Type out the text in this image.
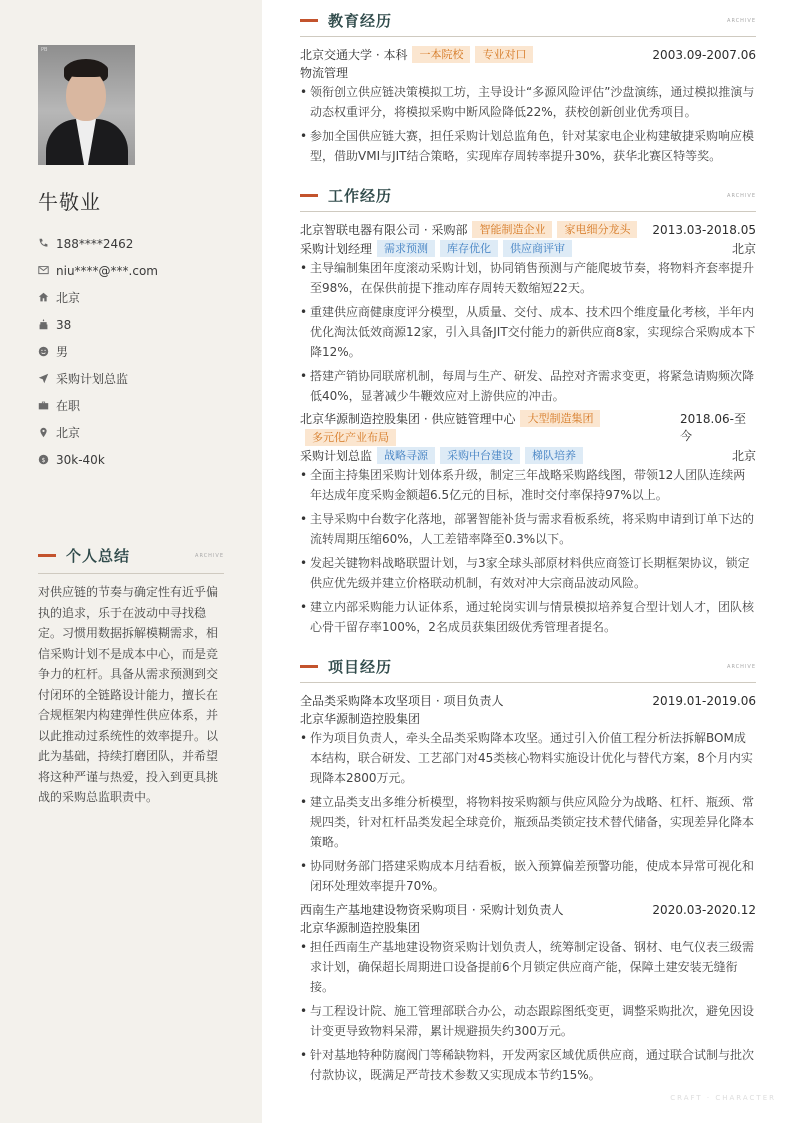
PB
牛敬业
188****2462
niu****@***.com
北京
38
男
采购计划总监
在职
北京
$ 30k-40k
个人总结	ARCHIVE
对供应链的节奏与确定性有近乎偏执的追求，乐于在波动中寻找稳定。习惯用数据拆解模糊需求，相信采购计划不是成本中心，而是竞争力的杠杆。具备从需求预测到交付闭环的全链路设计能力，擅长在合规框架内构建弹性供应体系，并以此推动过系统性的效率提升。以此为基础，持续打磨团队，并希望将这种严谨与热爱，投入到更具挑战的采购总监职责中。
教育经历	ARCHIVE
北京交通大学 · 本科	一本院校	专业对口	2003.09-2007.06
物流管理
• 领衔创立供应链决策模拟工坊，主导设计“多源风险评估”沙盘演练，通过模拟推演与动态权重评分，将模拟采购中断风险降低22%，获校创新创业优秀项目。
• 参加全国供应链大赛，担任采购计划总监角色，针对某家电企业构建敏捷采购响应模型，借助VMI与JIT结合策略，实现库存周转率提升30%，获华北赛区特等奖。
工作经历	ARCHIVE
北京智联电器有限公司 · 采购部	智能制造企业	家电细分龙头	2013.03-2018.05
采购计划经理	需求预测	库存优化	供应商评审	北京
• 主导编制集团年度滚动采购计划，协同销售预测与产能爬坡节奏，将物料齐套率提升至98%，在保供前提下推动库存周转天数缩短22天。
• 重建供应商健康度评分模型，从质量、交付、成本、技术四个维度量化考核，半年内优化淘汰低效商源12家，引入具备JIT交付能力的新供应商8家，实现综合采购成本下降12%。
• 搭建产销协同联席机制，每周与生产、研发、品控对齐需求变更，将紧急请购频次降低40%，显著减少牛鞭效应对上游供应的冲击。
北京华源制造控股集团 · 供应链管理中心	大型制造集团
多元化产业布局
2018.06-至今
采购计划总监	战略寻源	采购中台建设	梯队培养	北京
• 全面主持集团采购计划体系升级，制定三年战略采购路线图，带领12人团队连续两年达成年度采购金额超6.5亿元的目标，准时交付率保持97%以上。
• 主导采购中台数字化落地，部署智能补货与需求看板系统，将采购申请到订单下达的流转周期压缩60%，人工差错率降至0.3%以下。
• 发起关键物料战略联盟计划，与3家全球头部原材料供应商签订长期框架协议，锁定供应优先级并建立价格联动机制，有效对冲大宗商品波动风险。
• 建立内部采购能力认证体系，通过轮岗实训与情景模拟培养复合型计划人才，团队核心骨干留存率100%，2名成员获集团级优秀管理者提名。
项目经历	ARCHIVE
全品类采购降本攻坚项目 · 项目负责人	2019.01-2019.06
北京华源制造控股集团
• 作为项目负责人，牵头全品类采购降本攻坚。通过引入价值工程分析法拆解BOM成本结构，联合研发、工艺部门对45类核心物料实施设计优化与替代方案，8个月内实现降本2800万元。
• 建立品类支出多维分析模型，将物料按采购额与供应风险分为战略、杠杆、瓶颈、常规四类，针对杠杆品类发起全球竞价，瓶颈品类锁定技术替代储备，实现差异化降本策略。
• 协同财务部门搭建采购成本月结看板，嵌入预算偏差预警功能，使成本异常可视化和闭环处理效率提升70%。
西南生产基地建设物资采购项目 · 采购计划负责人	2020.03-2020.12
北京华源制造控股集团
• 担任西南生产基地建设物资采购计划负责人，统筹制定设备、钢材、电气仪表三级需求计划，确保超长周期进口设备提前6个月锁定供应商产能，保障土建安装无缝衔接。
• 与工程设计院、施工管理部联合办公，动态跟踪图纸变更，调整采购批次，避免因设计变更导致物料呆滞，累计规避损失约300万元。
• 针对基地特种防腐阀门等稀缺物料，开发两家区域优质供应商，通过联合试制与批次付款协议，既满足严苛技术参数又实现成本节约15%。
CRAFT · CHARACTER
